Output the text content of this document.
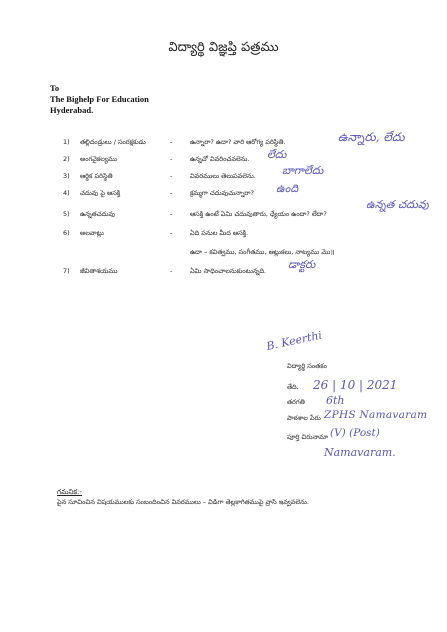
విద్యార్థి విజ్ఞప్తి పత్రము
To
The Bighelp For Education
Hyderabad.
1) తల్లిదండ్రులు / సంరక్షకుడు	-	ఉన్నారా? ఉదా? వారి ఆరోగ్య పరిస్థితి.	ఉన్నారు, లేదు
2) అంగవైకల్యము	-	ఉన్నచో వివరించవలెను. లేదు
3) ఆర్థిక పరిస్థితి	-	వివరములు తెలుపవలెను. బాగాలేదు
4) చదువు పై ఆసక్తి	-	క్రమ్మగా చదువుచున్నారా? ఉంది
5) ఉన్నతచదువు	-	ఆసక్తి ఉంటే ఏమి చదువుతారు, ధ్యేయం ఉందా? లేదా?
ఉన్నత చదువు
6) అలవాట్లు	-	ఏది పనుల మీద ఆసక్తి.
ఉదా – కవిత్వము, సంగీతము, ఆట్లుకలు, నాట్యము మొ॥
7) జీవితాశయము	-	ఏమి సాధించాలనుకుంటున్నది. డాక్టరు
B. Keerthi
విద్యార్థి సంతకం
తేది. 26 | 10 | 2021
తరగతి 6th
పాఠశాల పేరు ZPHS Namavaram
పూర్తి చిరునామా (V) (Post)
Namavaram.
గమనిక:-
పైన సూచించిన విషయములకు సంబందించిన వివరములు – విడిగా తెల్లకాగితముపై వ్రాసి ఇవ్వవలెను.
